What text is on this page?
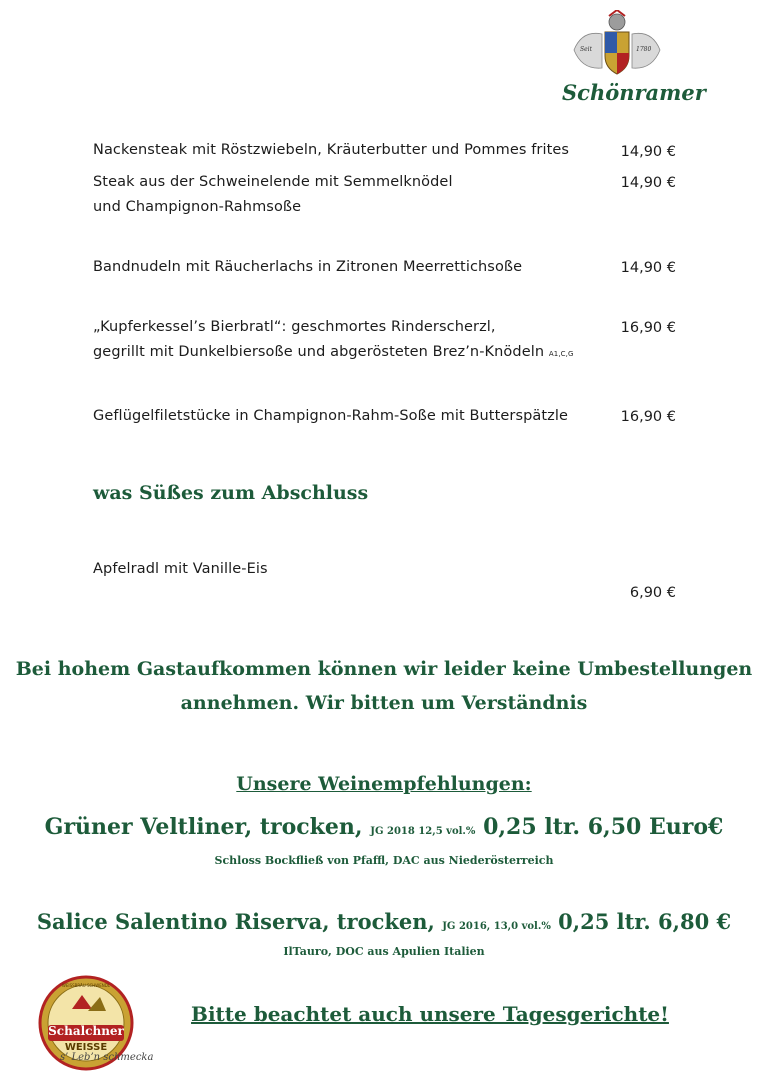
Seit	1780
Schönramer
Nackensteak mit Röstzwiebeln, Kräuterbutter und Pommes frites	14,90 €
Steak aus der Schweinelende mit Semmelknödel
und Champignon-Rahmsoße
14,90 €
Bandnudeln mit Räucherlachs in Zitronen Meerrettichsoße	14,90 €
„Kupferkessel’s Bierbratl“: geschmortes Rinderscherzl,
gegrillt mit Dunkelbiersoße und abgerösteten Brez’n-Knödeln A1,C,G
16,90 €
Geflügelfiletstücke in Champignon-Rahm-Soße mit Butterspätzle	16,90 €
was Süßes zum Abschluss
Apfelradl mit Vanille-Eis
6,90 €
Bei hohem Gastaufkommen können wir leider keine Umbestellungen
annehmen. Wir bitten um Verständnis
Unsere Weinempfehlungen:
Grüner Veltliner, trocken, JG 2018 12,5 vol.% 0,25 ltr. 6,50 Euro€
Schloss Bockfließ von Pfaffl, DAC aus Niederösterreich
Salice Salentino Riserva, trocken, JG 2016, 13,0 vol.% 0,25 ltr. 6,80 €
IlTauro, DOC aus Apulien Italien
Bitte beachtet auch unsere Tagesgerichte!
WEISSBRÄU SCHWENDL
Schalchner
WEISSE
s’ Leb’n schmecka
